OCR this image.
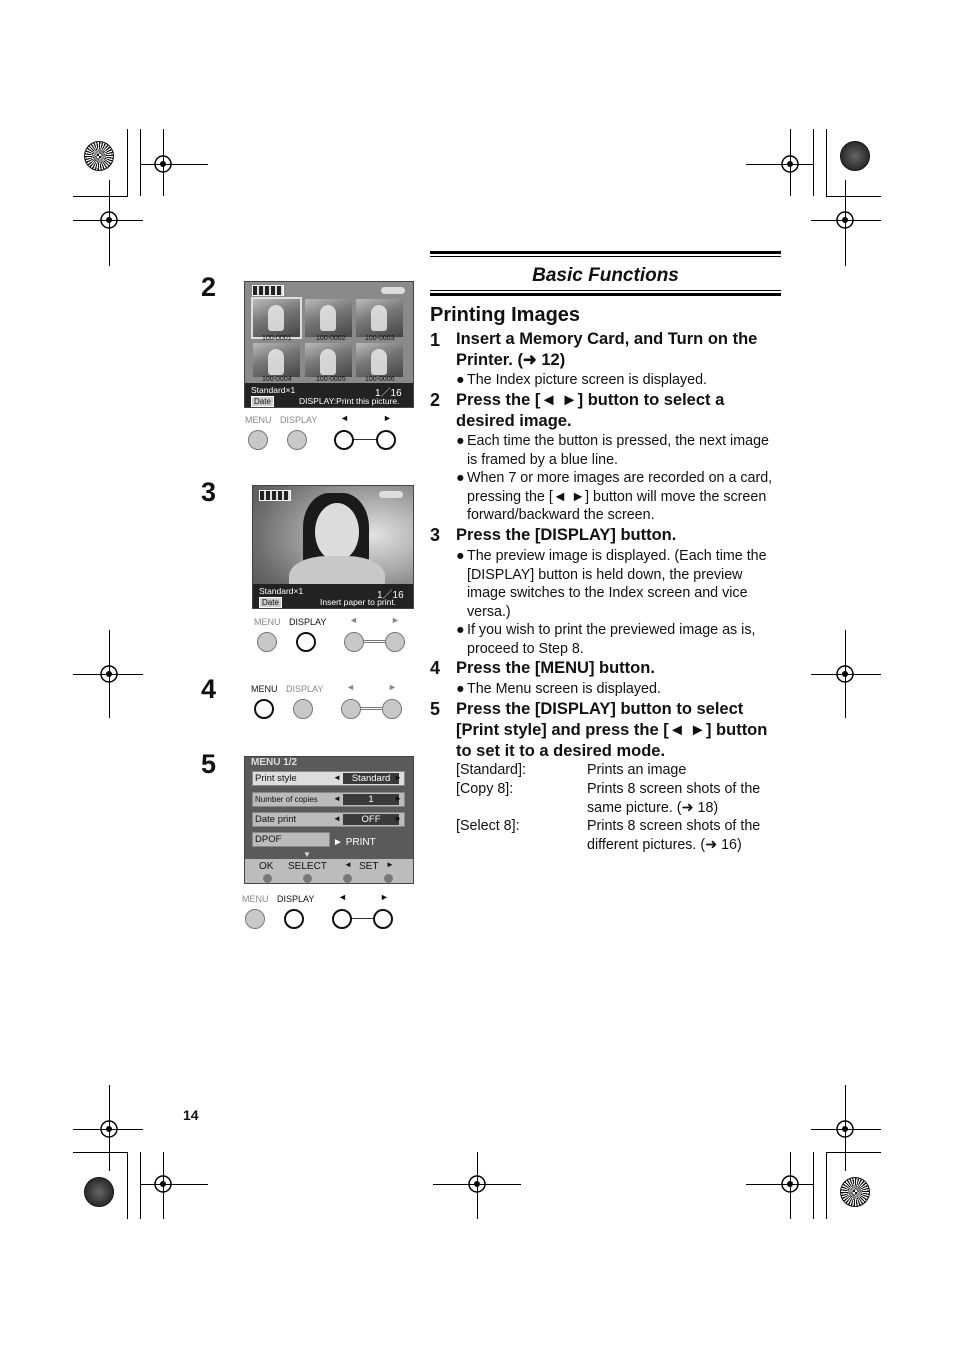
Basic Functions
Printing Images
1 Insert a Memory Card, and Turn on the
Printer. (➜ 12)
● The Index picture screen is displayed.
2 Press the [◄ ►] button to select a
desired image.
● Each time the button is pressed, the next image
is framed by a blue line.
● When 7 or more images are recorded on a card,
pressing the [◄ ►] button will move the screen
forward/backward the screen.
3 Press the [DISPLAY] button.
● The preview image is displayed. (Each time the
[DISPLAY] button is held down, the preview
image switches to the Index screen and vice
versa.)
● If you wish to print the previewed image as is,
proceed to Step 8.
4 Press the [MENU] button.
● The Menu screen is displayed.
5 Press the [DISPLAY] button to select
[Print style] and press the [◄ ►] button
to set it to a desired mode.
[Standard]:	Prints an image
[Copy 8]:	Prints 8 screen shots of the
same picture. (➜ 18)
[Select 8]:	Prints 8 screen shots of the
different pictures. (➜ 16)
2
100-0001	100-0002	100-0003
100-0004	100-0005	100-0006
Standard×1	1／16
Date	DISPLAY:Print this picture.
MENU DISPLAY	◄	►
3
Standard×1	1／16
Date	Insert paper to print.
MENU DISPLAY	◄	►
4	MENU DISPLAY	◄	►
5	MENU 1/2
Print style	◄	Standard ►
Number of copies ◄	1	►
Date print	◄	OFF	►
DPOF	► PRINT
▼
OK SELECT ◄ SET ►
MENU DISPLAY	◄	►
14
